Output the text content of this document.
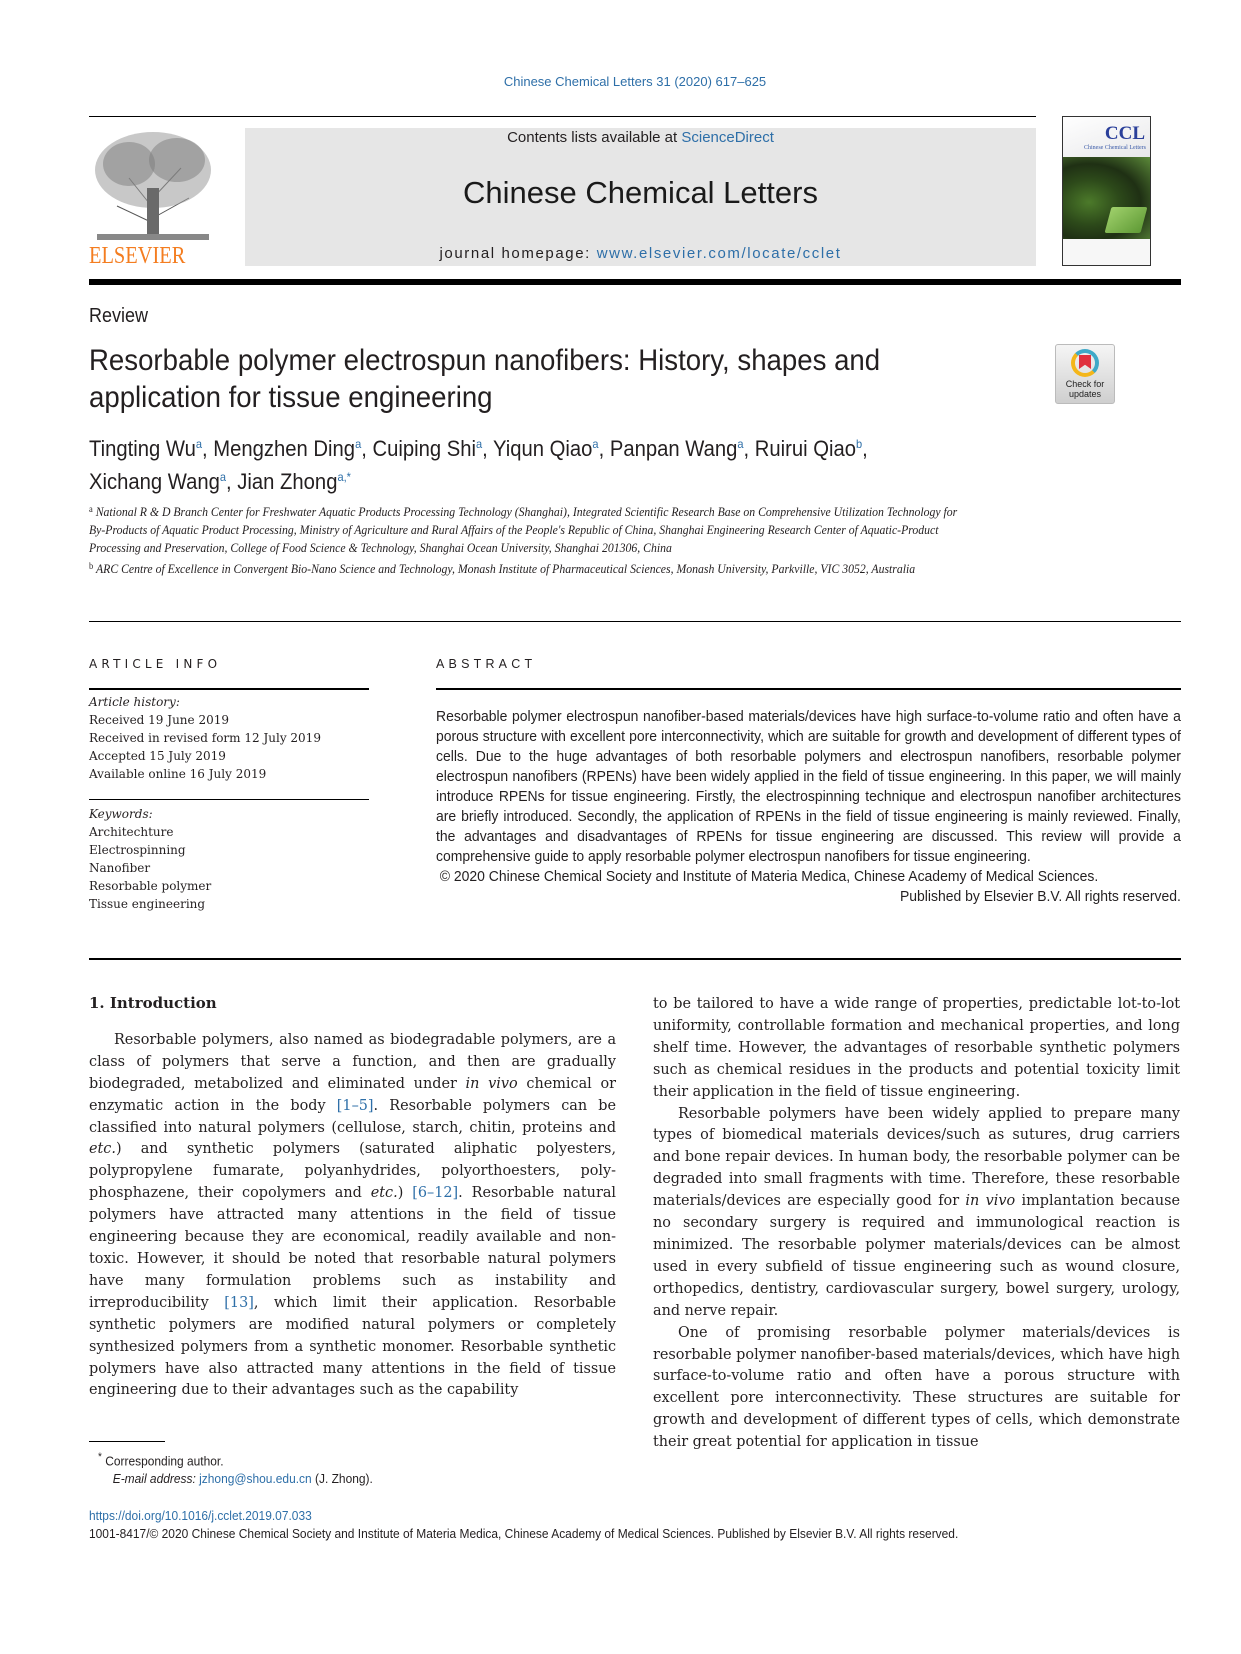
Chinese Chemical Letters 31 (2020) 617–625
ELSEVIER
Contents lists available at ScienceDirect
Chinese Chemical Letters
journal homepage: www.elsevier.com/locate/cclet
CCL
Chinese Chemical Letters
Review
Resorbable polymer electrospun nanofibers: History, shapes and application for tissue engineering	Check for updates
Tingting Wu$^a$, Mengzhen Ding$^a$, Cuiping Shi$^a$, Yiqun Qiao$^a$, Panpan Wang$^a$, Ruirui Qiao$^b$,
Xichang Wang$^a$, Jian Zhong$^{a,*}$

$^a$ National R & D Branch Center for Freshwater Aquatic Products Processing Technology (Shanghai), Integrated Scientific Research Base on Comprehensive Utilization Technology for By-Products of Aquatic Product Processing, Ministry of Agriculture and Rural Affairs of the People's Republic of China, Shanghai Engineering Research Center of Aquatic-Product Processing and Preservation, College of Food Science & Technology, Shanghai Ocean University, Shanghai 201306, China

$^b$ ARC Centre of Excellence in Convergent Bio-Nano Science and Technology, Monash Institute of Pharmaceutical Sciences, Monash University, Parkville, VIC 3052, Australia

ARTICLE INFO
Article history:
Received 19 June 2019
Received in revised form 12 July 2019
Accepted 15 July 2019
Available online 16 July 2019
Keywords:
Architechture
Electrospinning
Nanofiber
Resorbable polymer
Tissue engineering
ABSTRACT
Resorbable polymer electrospun nanofiber-based materials/devices have high surface-to-volume ratio and often have a porous structure with excellent pore interconnectivity, which are suitable for growth and development of different types of cells. Due to the huge advantages of both resorbable polymers and electrospun nanofibers, resorbable polymer electrospun nanofibers (RPENs) have been widely applied in the field of tissue engineering. In this paper, we will mainly introduce RPENs for tissue engineering. Firstly, the electrospinning technique and electrospun nanofiber architectures are briefly introduced. Secondly, the application of RPENs in the field of tissue engineering is mainly reviewed. Finally, the advantages and disadvantages of RPENs for tissue engineering are discussed. This review will provide a comprehensive guide to apply resorbable polymer electrospun nanofibers for tissue engineering.
© 2020 Chinese Chemical Society and Institute of Materia Medica, Chinese Academy of Medical Sciences.
Published by Elsevier B.V. All rights reserved.
1. Introduction

Resorbable polymers, also named as biodegradable polymers, are a class of polymers that serve a function, and then are gradually biodegraded, metabolized and eliminated under in vivo chemical or enzymatic action in the body [1–5]. Resorbable polymers can be classified into natural polymers (cellulose, starch, chitin, proteins and etc.) and synthetic polymers (saturated aliphatic polyesters, polypropylene fumarate, polyanhydrides, polyorthoesters, poly-phosphazene, their copolymers and etc.) [6–12]. Resorbable natural polymers have attracted many attentions in the field of tissue engineering because they are economical, readily available and non-toxic. However, it should be noted that resorbable natural polymers have many formulation problems such as instability and irreproducibility [13], which limit their application. Resorbable synthetic polymers are modified natural polymers or completely synthesized polymers from a synthetic monomer. Resorbable synthetic polymers have also attracted many attentions in the field of tissue engineering due to their advantages such as the capability

to be tailored to have a wide range of properties, predictable lot-to-lot uniformity, controllable formation and mechanical properties, and long shelf time. However, the advantages of resorbable synthetic polymers such as chemical residues in the products and potential toxicity limit their application in the field of tissue engineering.

Resorbable polymers have been widely applied to prepare many types of biomedical materials devices/such as sutures, drug carriers and bone repair devices. In human body, the resorbable polymer can be degraded into small fragments with time. Therefore, these resorbable materials/devices are especially good for in vivo implantation because no secondary surgery is required and immunological reaction is minimized. The resorbable polymer materials/devices can be almost used in every subfield of tissue engineering such as wound closure, orthopedics, dentistry, cardiovascular surgery, bowel surgery, urology, and nerve repair.

One of promising resorbable polymer materials/devices is resorbable polymer nanofiber-based materials/devices, which have high surface-to-volume ratio and often have a porous structure with excellent pore interconnectivity. These structures are suitable for growth and development of different types of cells, which demonstrate their great potential for application in tissue

* Corresponding author.
E-mail address: jzhong@shou.edu.cn (J. Zhong).
https://doi.org/10.1016/j.cclet.2019.07.033
1001-8417/© 2020 Chinese Chemical Society and Institute of Materia Medica, Chinese Academy of Medical Sciences. Published by Elsevier B.V. All rights reserved.
